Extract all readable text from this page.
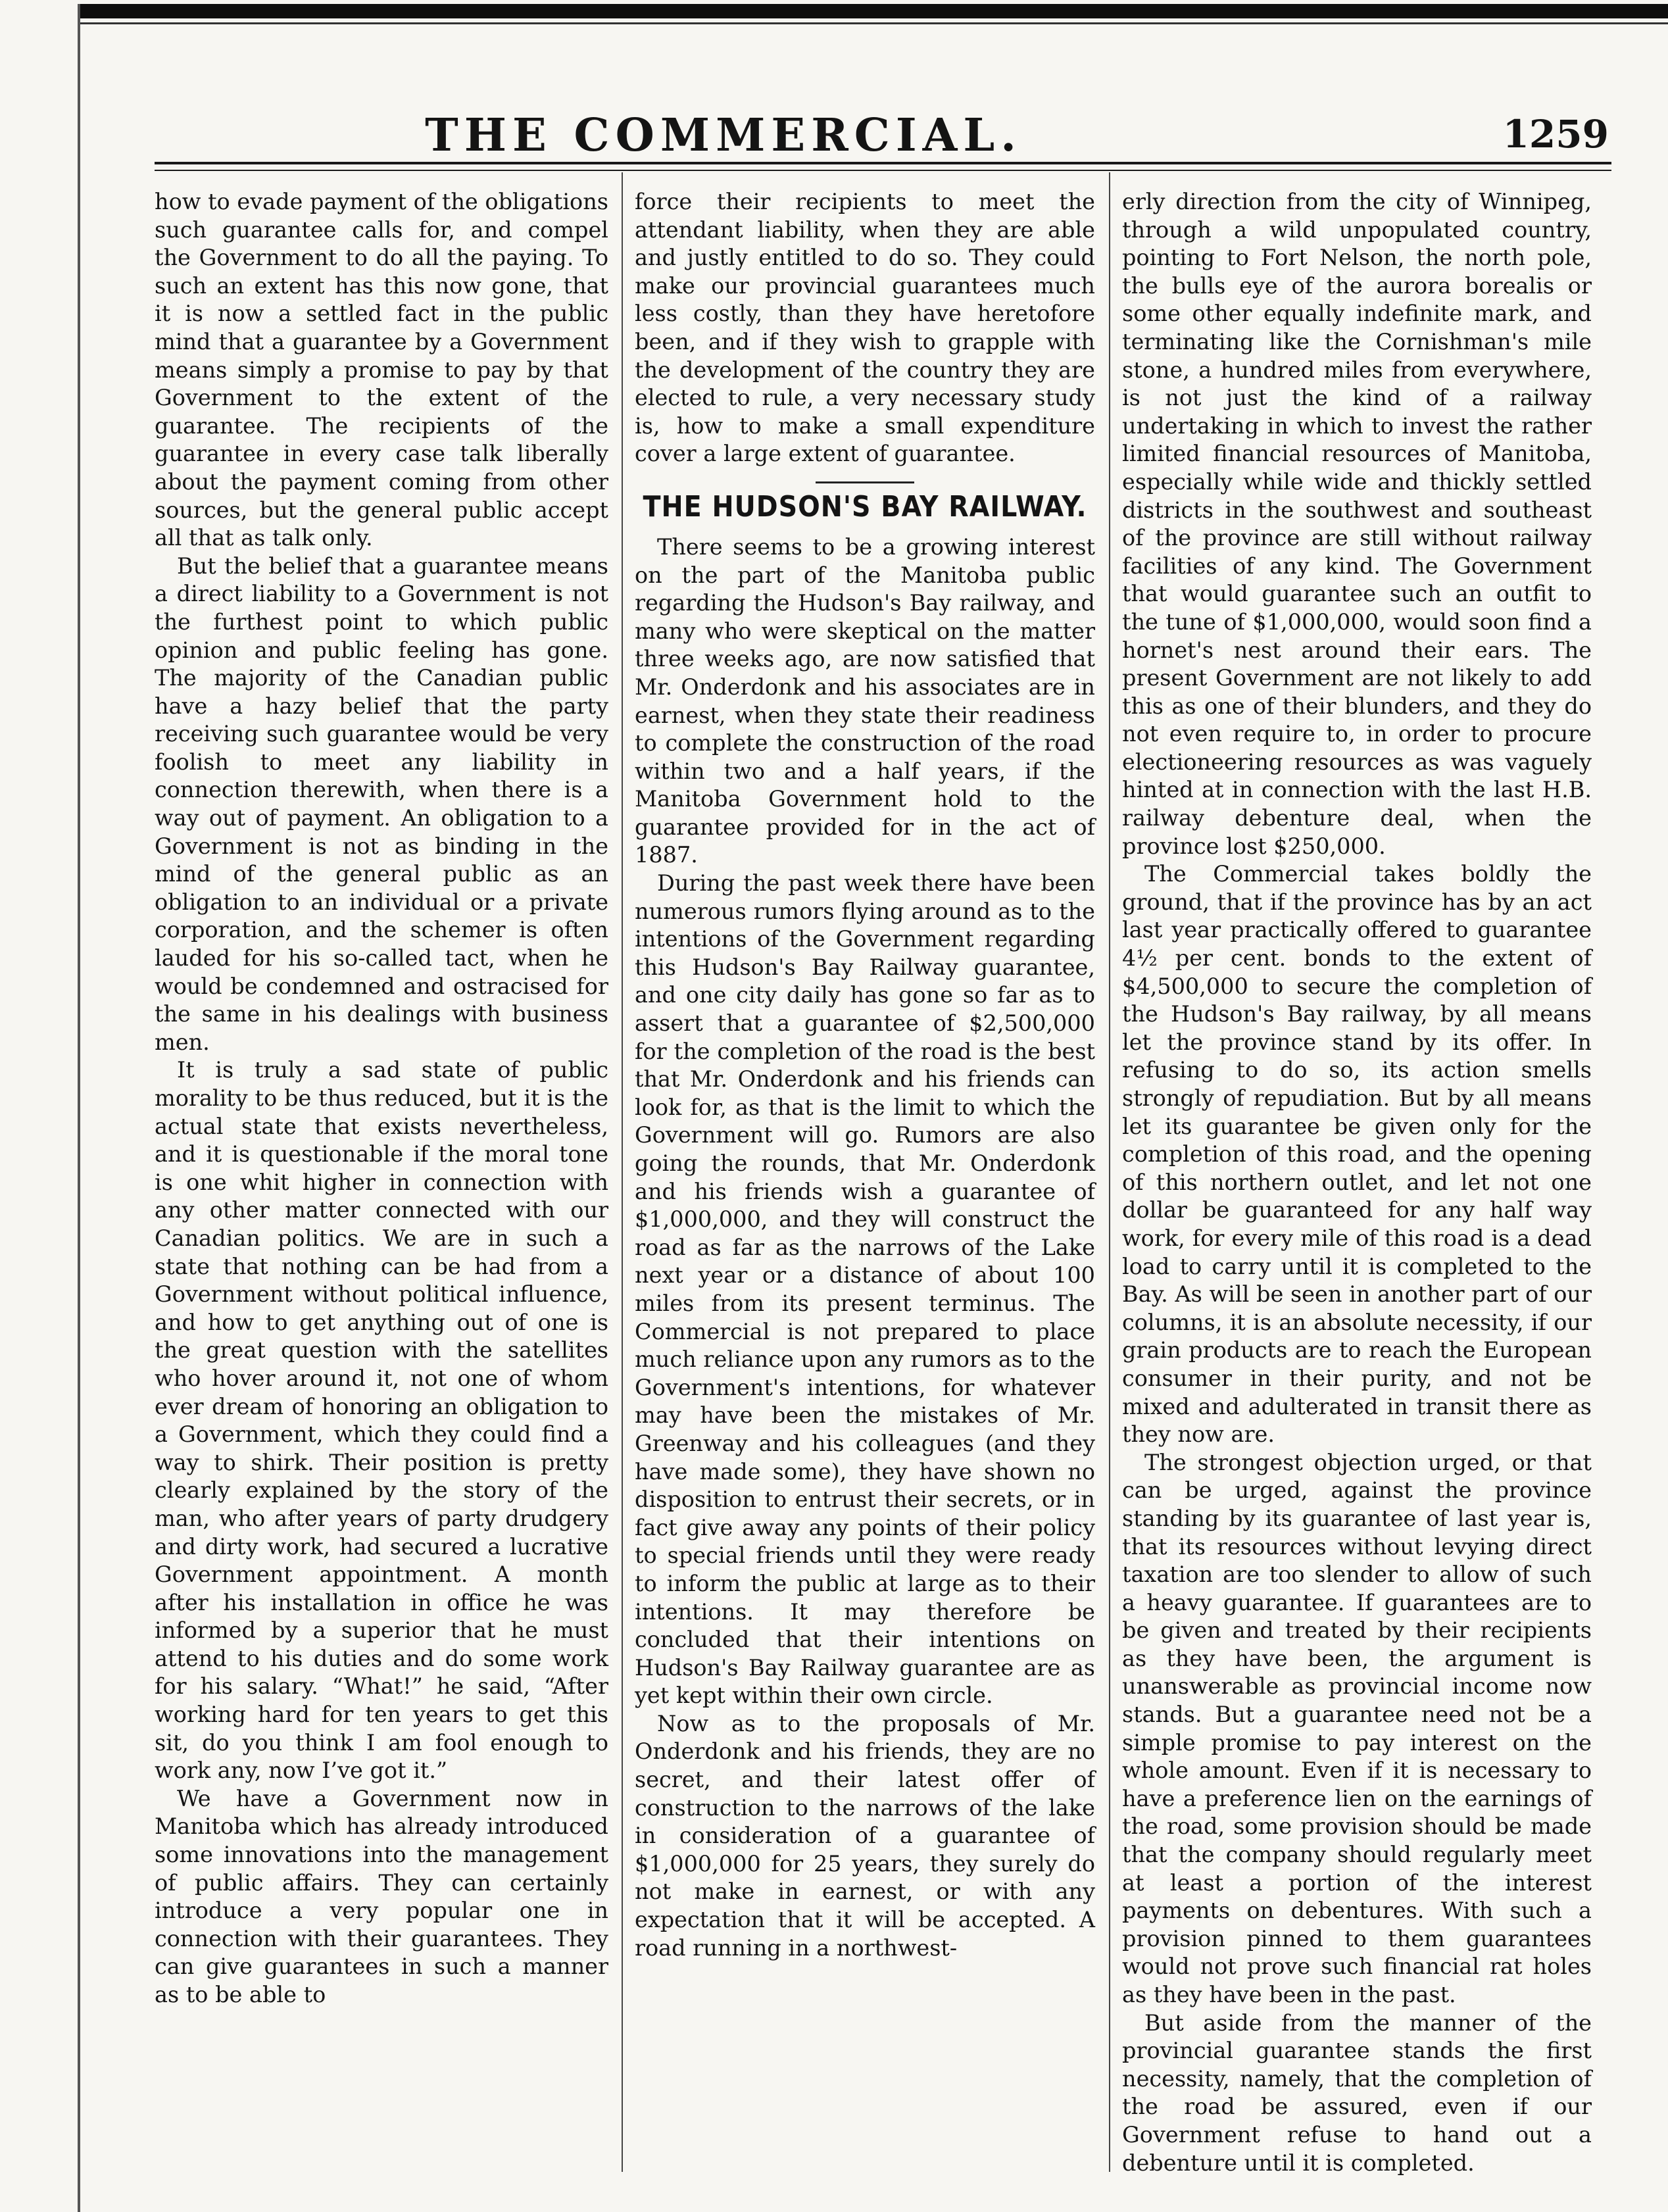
THE COMMERCIAL.	1259

how to evade payment of the obligations such guarantee calls for, and compel the Government to do all the paying. To such an extent has this now gone, that it is now a settled fact in the public mind that a guarantee by a Government means simply a promise to pay by that Government to the extent of the guarantee. The recipients of the guarantee in every case talk liberally about the payment coming from other sources, but the general public accept all that as talk only.

But the belief that a guarantee means a direct liability to a Government is not the furthest point to which public opinion and public feeling has gone. The majority of the Canadian public have a hazy belief that the party receiving such guarantee would be very foolish to meet any liability in connection therewith, when there is a way out of payment. An obligation to a Government is not as binding in the mind of the general public as an obligation to an individual or a private corporation, and the schemer is often lauded for his so-called tact, when he would be condemned and ostracised for the same in his dealings with business men.

It is truly a sad state of public morality to be thus reduced, but it is the actual state that exists nevertheless, and it is questionable if the moral tone is one whit higher in connection with any other matter connected with our Canadian politics. We are in such a state that nothing can be had from a Government without political influence, and how to get anything out of one is the great question with the satellites who hover around it, not one of whom ever dream of honoring an obligation to a Government, which they could find a way to shirk. Their position is pretty clearly explained by the story of the man, who after years of party drudgery and dirty work, had secured a lucrative Government appointment. A month after his installation in office he was informed by a superior that he must attend to his duties and do some work for his salary. “What!” he said, “After working hard for ten years to get this sit, do you think I am fool enough to work any, now I’ve got it.”

We have a Government now in Manitoba which has already introduced some innovations into the management of public affairs. They can certainly introduce a very popular one in connection with their guarantees. They can give guarantees in such a manner as to be able to

force their recipients to meet the attendant liability, when they are able and justly entitled to do so. They could make our provincial guarantees much less costly, than they have heretofore been, and if they wish to grapple with the development of the country they are elected to rule, a very necessary study is, how to make a small expenditure cover a large extent of guarantee.

THE HUDSON'S BAY RAILWAY.

There seems to be a growing interest on the part of the Manitoba public regarding the Hudson's Bay railway, and many who were skeptical on the matter three weeks ago, are now satisfied that Mr. Onderdonk and his associates are in earnest, when they state their readiness to complete the construction of the road within two and a half years, if the Manitoba Government hold to the guarantee provided for in the act of 1887.

During the past week there have been numerous rumors flying around as to the intentions of the Government regarding this Hudson's Bay Railway guarantee, and one city daily has gone so far as to assert that a guarantee of $2,500,000 for the completion of the road is the best that Mr. Onderdonk and his friends can look for, as that is the limit to which the Government will go. Rumors are also going the rounds, that Mr. Onderdonk and his friends wish a guarantee of $1,000,000, and they will construct the road as far as the narrows of the Lake next year or a distance of about 100 miles from its present terminus. The Commercial is not prepared to place much reliance upon any rumors as to the Government's intentions, for whatever may have been the mistakes of Mr. Greenway and his colleagues (and they have made some), they have shown no disposition to entrust their secrets, or in fact give away any points of their policy to special friends until they were ready to inform the public at large as to their intentions. It may therefore be concluded that their intentions on Hudson's Bay Railway guarantee are as yet kept within their own circle.

Now as to the proposals of Mr. Onderdonk and his friends, they are no secret, and their latest offer of construction to the narrows of the lake in consideration of a guarantee of $1,000,000 for 25 years, they surely do not make in earnest, or with any expectation that it will be accepted. A road running in a northwest-

erly direction from the city of Winnipeg, through a wild unpopulated country, pointing to Fort Nelson, the north pole, the bulls eye of the aurora borealis or some other equally indefinite mark, and terminating like the Cornishman's mile stone, a hundred miles from everywhere, is not just the kind of a railway undertaking in which to invest the rather limited financial resources of Manitoba, especially while wide and thickly settled districts in the southwest and southeast of the province are still without railway facilities of any kind. The Government that would guarantee such an outfit to the tune of $1,000,000, would soon find a hornet's nest around their ears. The present Government are not likely to add this as one of their blunders, and they do not even require to, in order to procure electioneering resources as was vaguely hinted at in connection with the last H.B. railway debenture deal, when the province lost $250,000.

The Commercial takes boldly the ground, that if the province has by an act last year practically offered to guarantee 4½ per cent. bonds to the extent of $4,500,000 to secure the completion of the Hudson's Bay railway, by all means let the province stand by its offer. In refusing to do so, its action smells strongly of repudiation. But by all means let its guarantee be given only for the completion of this road, and the opening of this northern outlet, and let not one dollar be guaranteed for any half way work, for every mile of this road is a dead load to carry until it is completed to the Bay. As will be seen in another part of our columns, it is an absolute necessity, if our grain products are to reach the European consumer in their purity, and not be mixed and adulterated in transit there as they now are.

The strongest objection urged, or that can be urged, against the province standing by its guarantee of last year is, that its resources without levying direct taxation are too slender to allow of such a heavy guarantee. If guarantees are to be given and treated by their recipients as they have been, the argument is unanswerable as provincial income now stands. But a guarantee need not be a simple promise to pay interest on the whole amount. Even if it is necessary to have a preference lien on the earnings of the road, some provision should be made that the company should regularly meet at least a portion of the interest payments on debentures. With such a provision pinned to them guarantees would not prove such financial rat holes as they have been in the past.

But aside from the manner of the provincial guarantee stands the first necessity, namely, that the completion of the road be assured, even if our Government refuse to hand out a debenture until it is completed.
